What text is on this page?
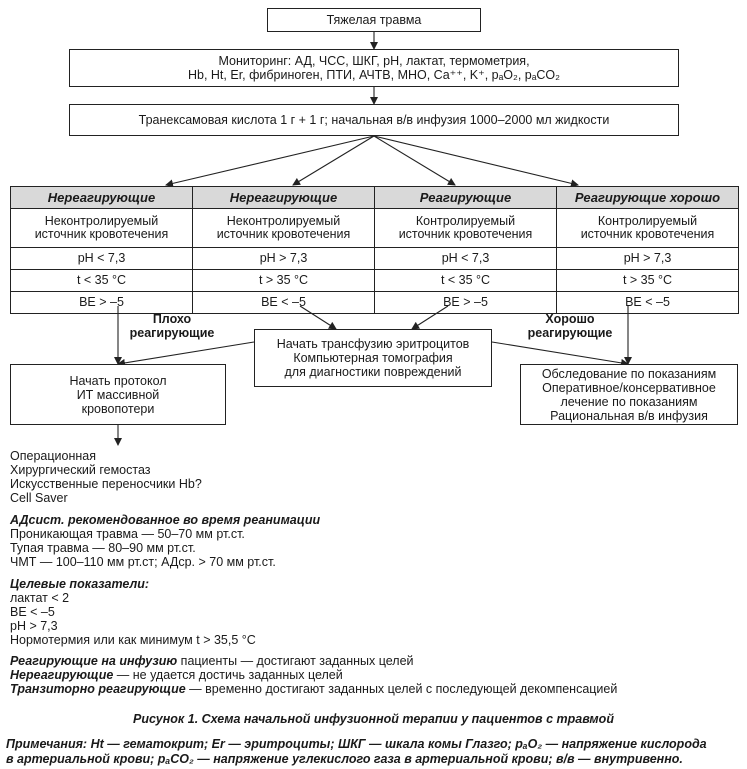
Тяжелая травма
Мониторинг: АД, ЧСС, ШКГ, pH, лактат, термометрия,
Hb, Ht, Er, фибриноген, ПТИ, АЧТВ, МНО, Ca⁺⁺, K⁺, pₐO₂, pₐCO₂
Транексамовая кислота 1 г + 1 г; начальная в/в инфузия 1000–2000 мл жидкости
Нереагирующие	Нереагирующие	Реагирующие	Реагирующие хорошо

Неконтролируемый
источник кровотечения	Неконтролируемый
источник кровотечения	Контролируемый
источник кровотечения	Контролируемый
источник кровотечения

pH < 7,3	pH > 7,3	pH < 7,3	pH > 7,3
t < 35 °С	t > 35 °С	t < 35 °С	t > 35 °С
BE > –5	BE < –5	BE > –5	BE < –5
Плохо
реагирующие
Хорошо
реагирующие
Начать трансфузию эритроцитов
Компьютерная томография
для диагностики повреждений
Начать протокол
ИТ массивной
кровопотери
Обследование по показаниям
Оперативное/консервативное
лечение по показаниям
Рациональная в/в инфузия
Операционная
Хирургический гемостаз
Искусственные переносчики Hb?
Cell Saver
АДсист. рекомендованное во время реанимации
Проникающая травма — 50–70 мм рт.ст.
Тупая травма — 80–90 мм рт.ст.
ЧМТ — 100–110 мм рт.ст; АДср. > 70 мм рт.ст.
Целевые показатели:
лактат < 2
BE < –5
pH > 7,3
Нормотермия или как минимум t > 35,5 °С
Реагирующие на инфузию пациенты — достигают заданных целей
Нереагирующие — не удается достичь заданных целей
Транзиторно реагирующие — временно достигают заданных целей с последующей декомпенсацией
Рисунок 1. Схема начальной инфузионной терапии у пациентов с травмой
Примечания: Ht — гематокрит; Er — эритроциты; ШКГ — шкала комы Глазго; pₐO₂ — напряжение кислорода
в артериальной крови; pₐCO₂ — напряжение углекислого газа в артериальной крови; в/в — внутривенно.
